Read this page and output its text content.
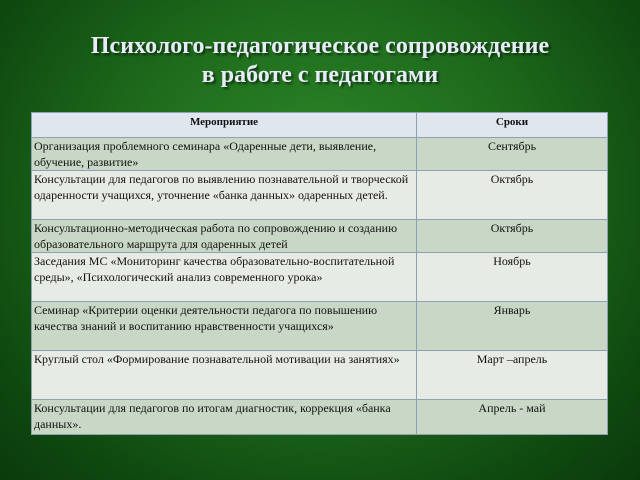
Психолого-педагогическое сопровождение
в работе с педагогами
Мероприятие	Сроки
Организация проблемного семинара «Одаренные дети, выявление, обучение, развитие»	Сентябрь
Консультации для педагогов по выявлению познавательной и творческой одаренности учащихся, уточнение «банка данных» одаренных детей.	Октябрь
Консультационно-методическая работа по сопровождению и созданию образовательного маршрута для одаренных детей	Октябрь
Заседания МС «Мониторинг качества образовательно-воспитательной среды», «Психологический анализ современного урока»	Ноябрь
Семинар «Критерии оценки деятельности педагога по повышению качества знаний и воспитанию нравственности учащихся»	Январь
Круглый стол «Формирование познавательной мотивации на занятиях»	Март –апрель
Консультации для педагогов по итогам диагностик, коррекция «банка данных».	Апрель - май
